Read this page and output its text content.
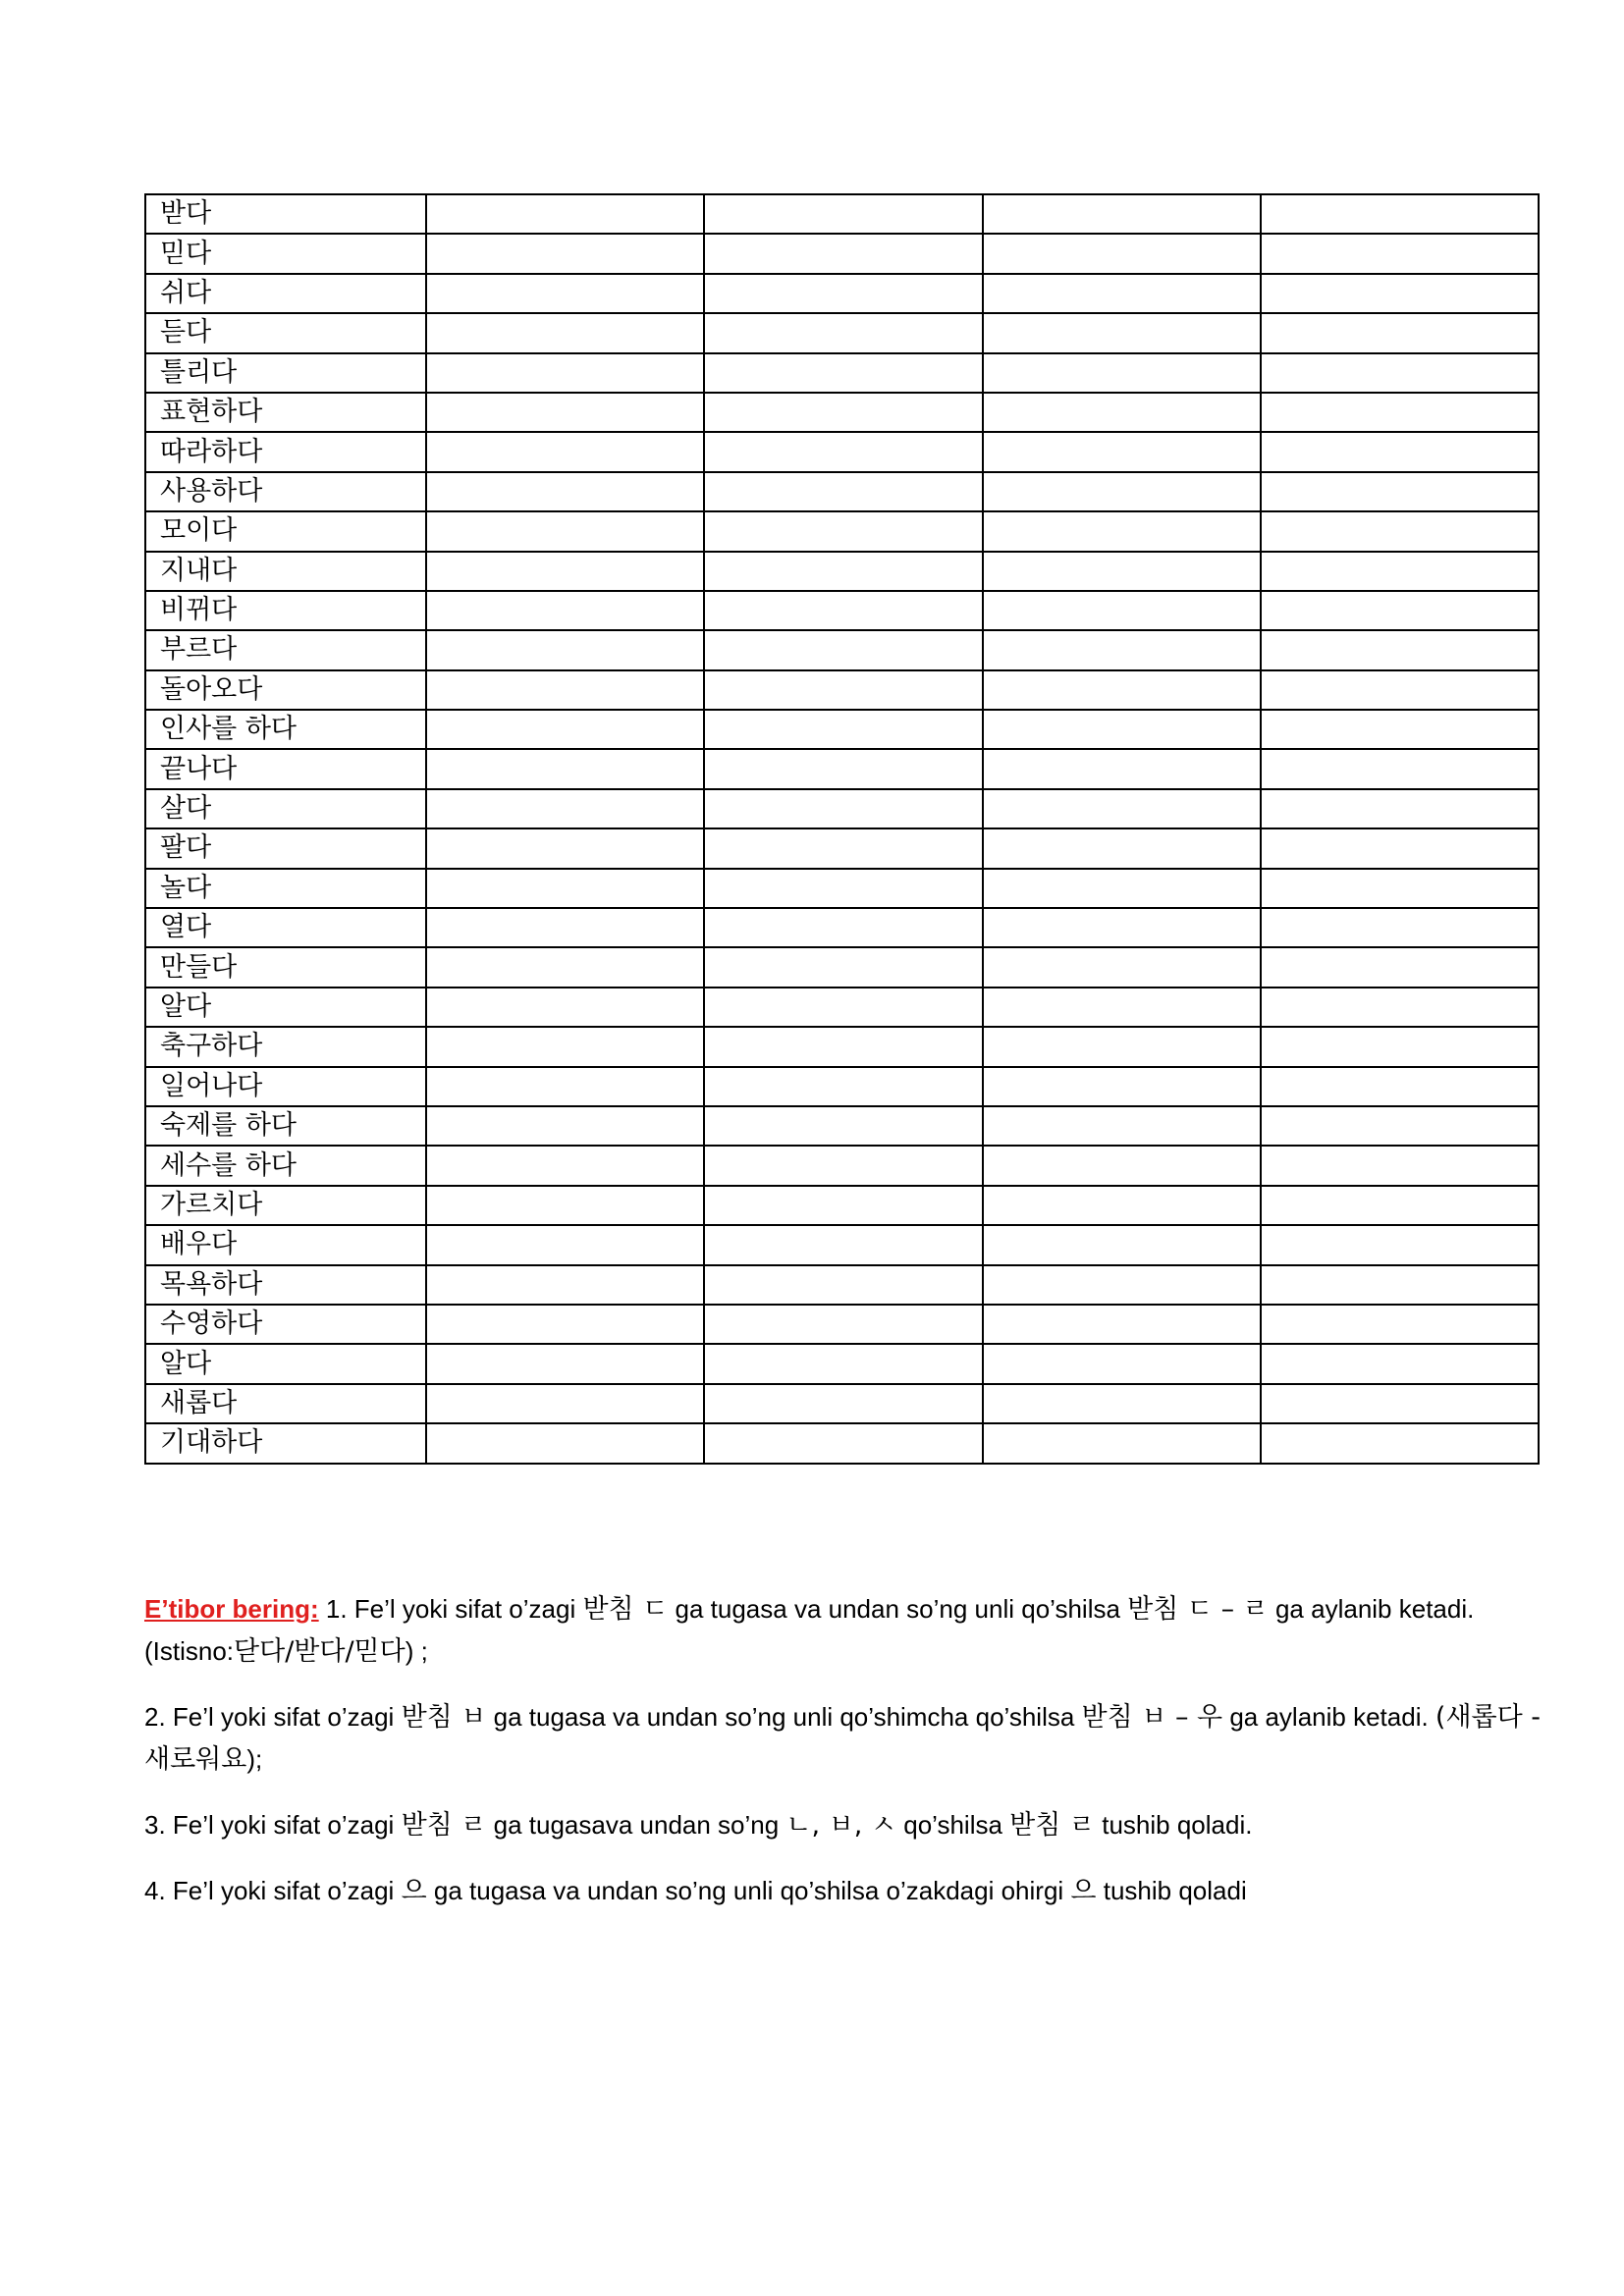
받다				
믿다				
쉬다				
듣다				
틀리다				
표현하다				
따라하다				
사용하다				
모이다				
지내다				
비뀌다				
부르다				
돌아오다				
인사를 하다				
끝나다				
살다				
팔다				
놀다				
열다				
만들다				
알다				
축구하다				
일어나다				
숙제를 하다				
세수를 하다				
가르치다				
배우다				
목욕하다				
수영하다				
알다				
새롭다				
기대하다				

E’tibor bering: 1. Fe’l yoki sifat o’zagi 받침 ㄷ ga tugasa va undan so’ng unli qo’shilsa 받침 ㄷ – ㄹ ga aylanib ketadi. (Istisno:닫다/받다/믿다) ;

2. Fe’l yoki sifat o’zagi 받침 ㅂ ga tugasa va undan so’ng unli qo’shimcha qo’shilsa 받침 ㅂ – 우 ga aylanib ketadi. (새롭다 - 새로워요);

3. Fe’l yoki sifat o’zagi 받침 ㄹ ga tugasava undan so’ng ㄴ, ㅂ, ㅅ qo’shilsa 받침 ㄹ tushib qoladi.

4. Fe’l yoki sifat o’zagi 으 ga tugasa va undan so’ng unli qo’shilsa o’zakdagi ohirgi 으 tushib qoladi
